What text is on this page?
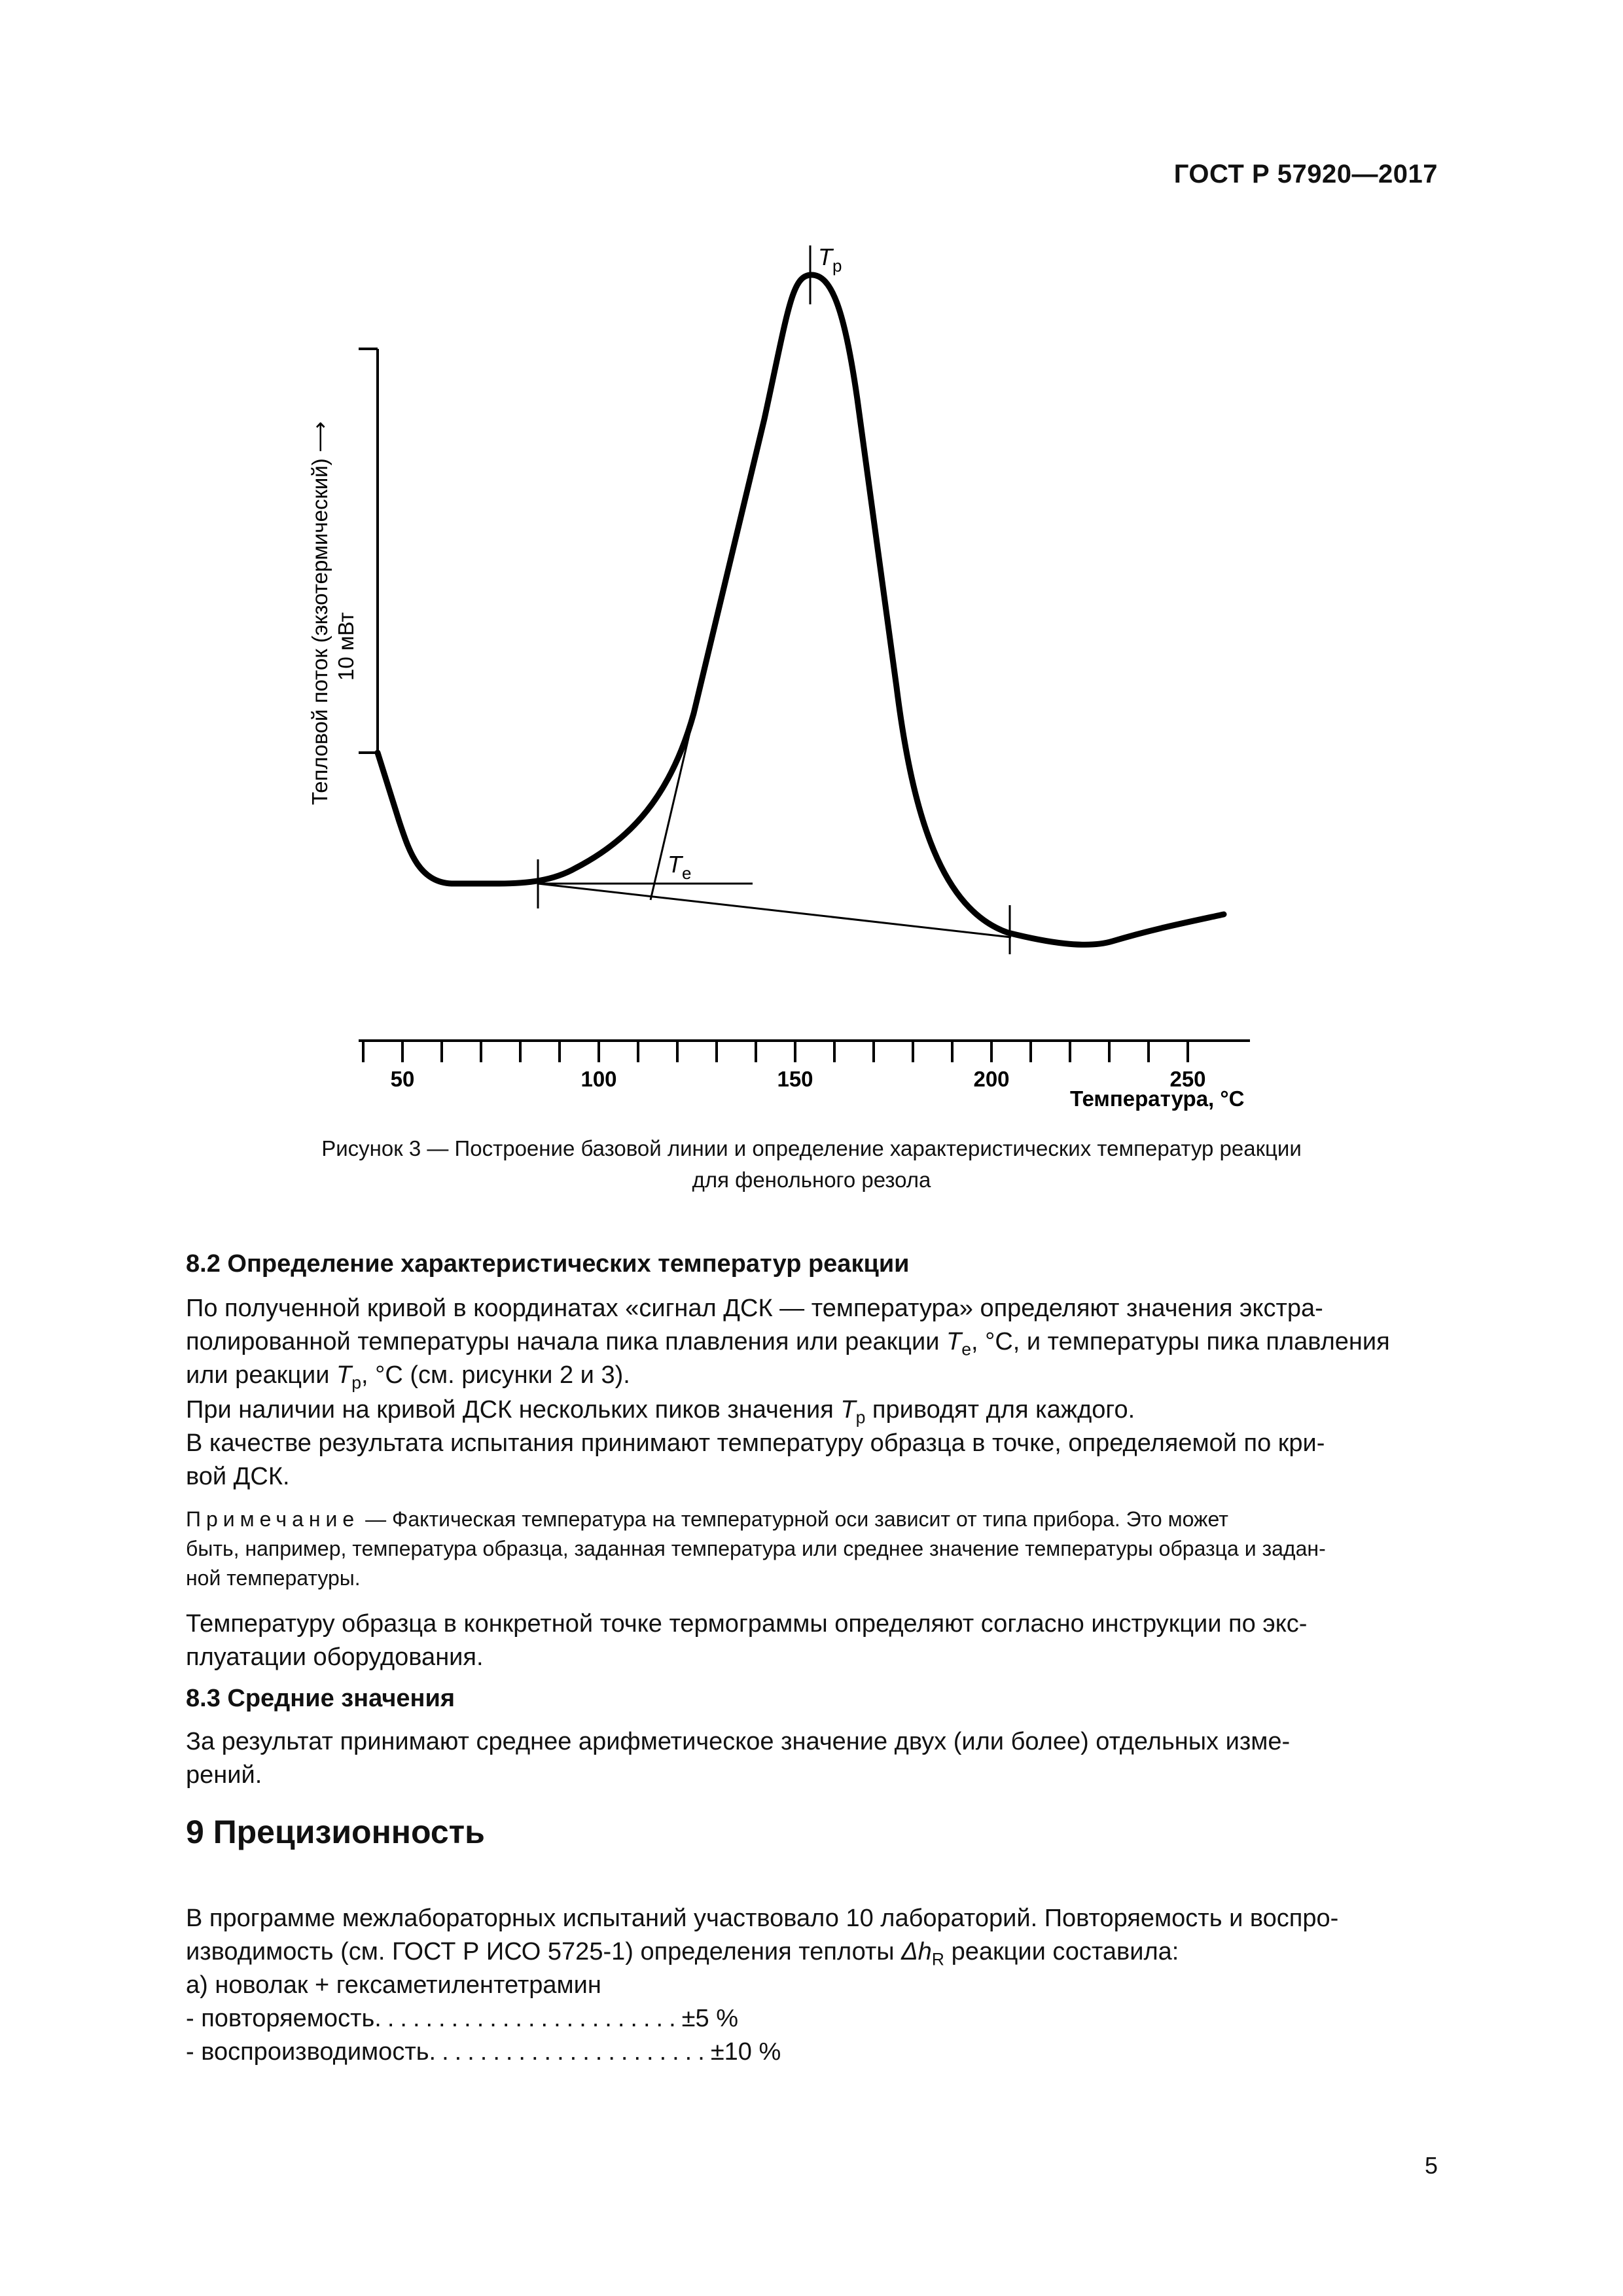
ГОСТ Р 57920—2017
Тепловой поток (экзотермический) ⟶ 10 мВт
$T_p$
$T_e$
50	100	150	200	250
Температура, °С
Рисунок 3 — Построение базовой линии и определение характеристических температур реакции
для фенольного резола
8.2 Определение характеристических температур реакции
По полученной кривой в координатах «сигнал ДСК — температура» определяют значения экстра-
полированной температуры начала пика плавления или реакции $T_e$, °С, и температуры пика плавления
или реакции $T_p$, °С (см. рисунки 2 и 3).
При наличии на кривой ДСК нескольких пиков значения $T_p$ приводят для каждого.
В качестве результата испытания принимают температуру образца в точке, определяемой по кри-
вой ДСК.
Примечание — Фактическая температура на температурной оси зависит от типа прибора. Это может
быть, например, температура образца, заданная температура или среднее значение температуры образца и задан-
ной температуры.
Температуру образца в конкретной точке термограммы определяют согласно инструкции по экс-
плуатации оборудования.
8.3 Средние значения
За результат принимают среднее арифметическое значение двух (или более) отдельных изме-
рений.
9 Прецизионность
В программе межлабораторных испытаний участвовало 10 лабораторий. Повторяемость и воспро-
изводимость (см. ГОСТ Р ИСО 5725-1) определения теплоты $\Delta h_R$ реакции составила:
а) новолак + гексаметилентетрамин
- повторяемость........................±5 %
- воспроизводимость......................±10 %
5
